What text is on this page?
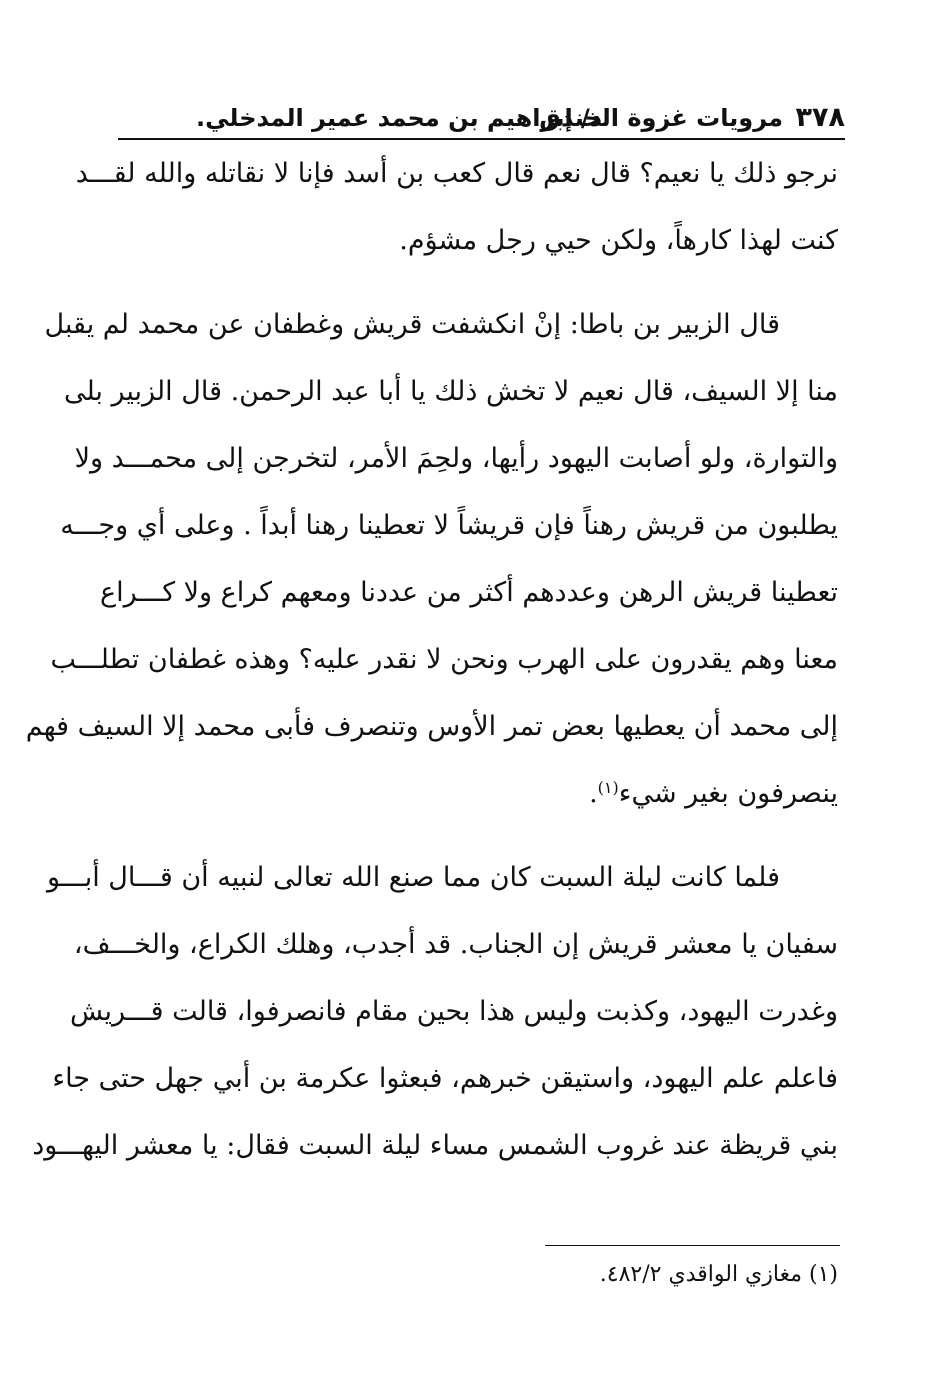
٣٧٨
مرويات غزوة الخندق
د/ إبراهيم بن محمد عمير المدخلي.
نرجو ذلك يا نعيم؟ قال نعم قال كعب بن أسد فإنا لا نقاتله والله لقـــد
كنت لهذا كارهاً، ولكن حيي رجل مشؤم.
قال الزبير بن باطا: إنْ انكشفت قريش وغطفان عن محمد لم يقبل
منا إلا السيف، قال نعيم لا تخش ذلك يا أبا عبد الرحمن. قال الزبير بلى
والتوارة، ولو أصابت اليهود رأيها، ولحِمَ الأمر، لتخرجن إلى محمـــد ولا
يطلبون من قريش رهناً فإن قريشاً لا تعطينا رهنا أبداً . وعلى أي وجـــه
تعطينا قريش الرهن وعددهم أكثر من عددنا ومعهم كراع ولا كـــراع
معنا وهم يقدرون على الهرب ونحن لا نقدر عليه؟ وهذه غطفان تطلـــب
إلى محمد أن يعطيها بعض تمر الأوس وتنصرف فأبى محمد إلا السيف فهم
ينصرفون بغير شيء$^{(١)}$.
فلما كانت ليلة السبت كان مما صنع الله تعالى لنبيه أن قـــال أبـــو
سفيان يا معشر قريش إن الجناب. قد أجدب، وهلك الكراع، والخـــف،
وغدرت اليهود، وكذبت وليس هذا بحين مقام فانصرفوا، قالت قـــريش
فاعلم علم اليهود، واستيقن خبرهم، فبعثوا عكرمة بن أبي جهل حتى جاء
بني قريظة عند غروب الشمس مساء ليلة السبت فقال: يا معشر اليهـــود
(١) مغازي الواقدي ٤٨٢/٢.
